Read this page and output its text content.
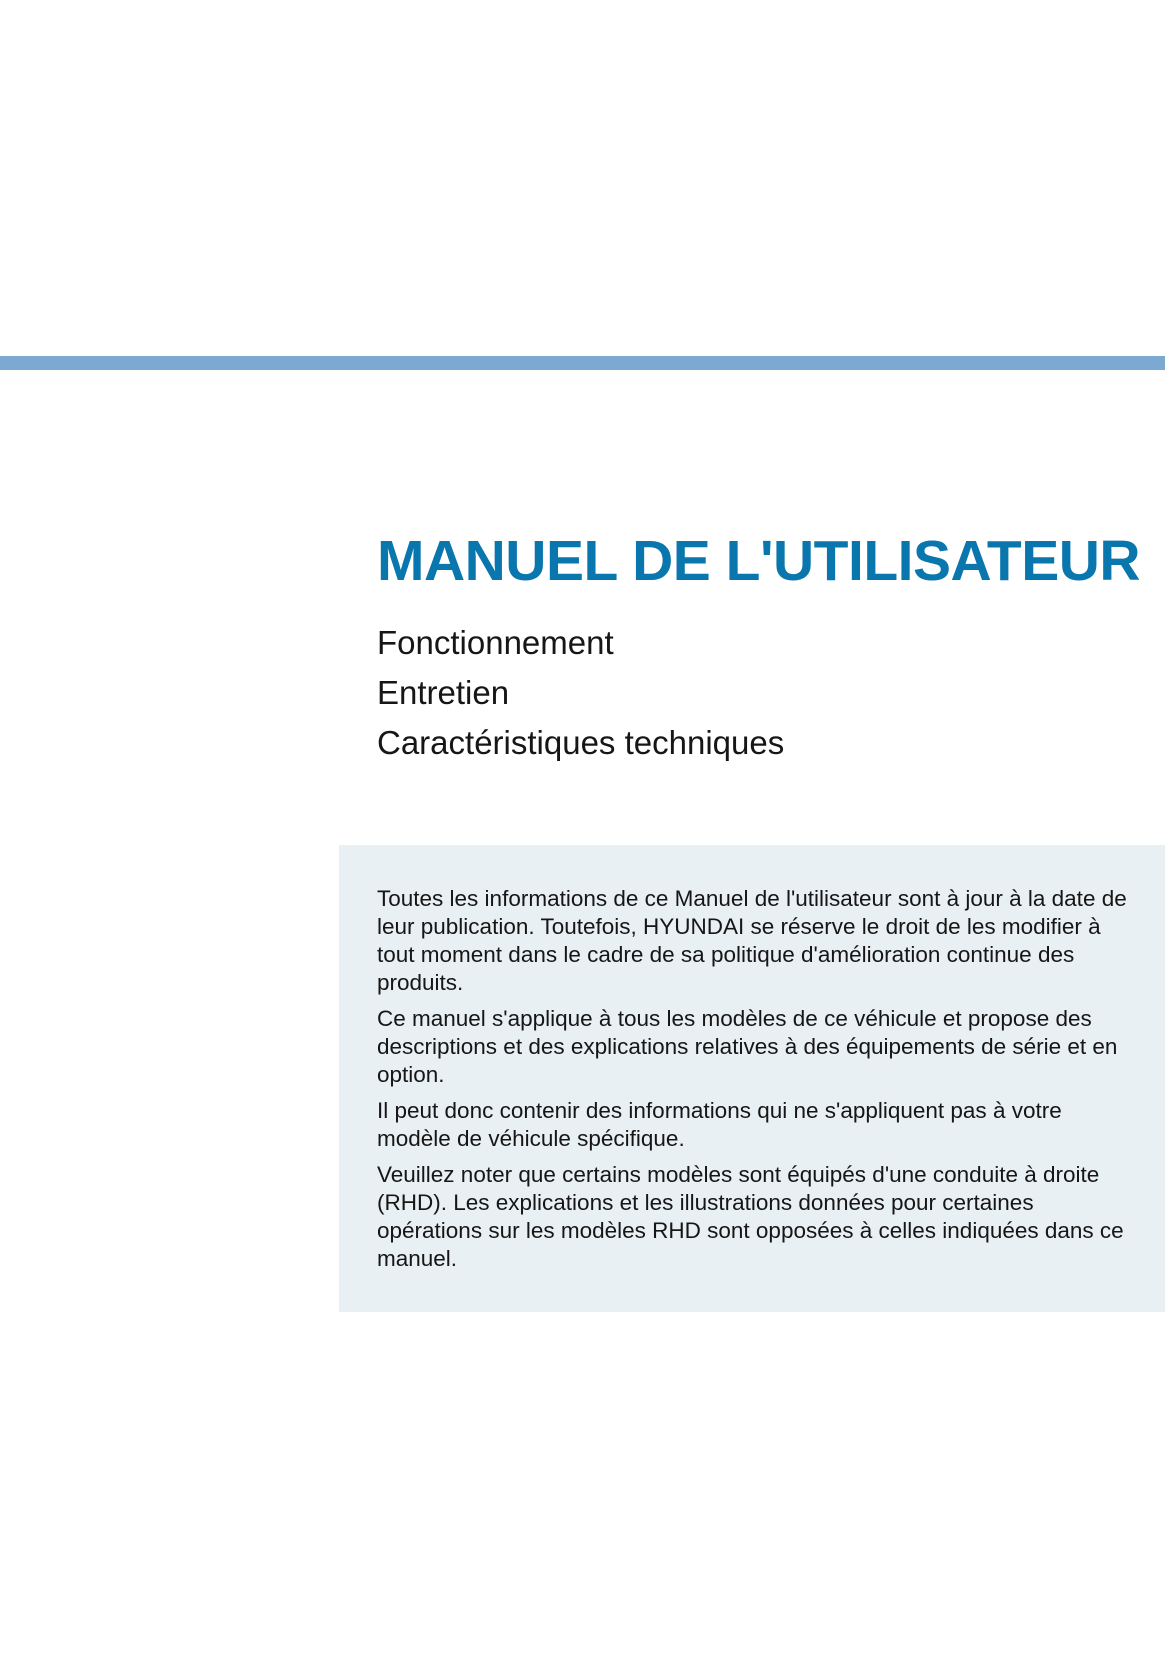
MANUEL DE L'UTILISATEUR
Fonctionnement
Entretien
Caractéristiques techniques

Toutes les informations de ce Manuel de l'utilisateur sont à jour à la date de leur publication. Toutefois, HYUNDAI se réserve le droit de les modifier à tout moment dans le cadre de sa politique d'amélioration continue des produits.

Ce manuel s'applique à tous les modèles de ce véhicule et propose des descriptions et des explications relatives à des équipements de série et en option.

Il peut donc contenir des informations qui ne s'appliquent pas à votre modèle de véhicule spécifique.

Veuillez noter que certains modèles sont équipés d'une conduite à droite (RHD). Les explications et les illustrations données pour certaines opérations sur les modèles RHD sont opposées à celles indiquées dans ce manuel.
